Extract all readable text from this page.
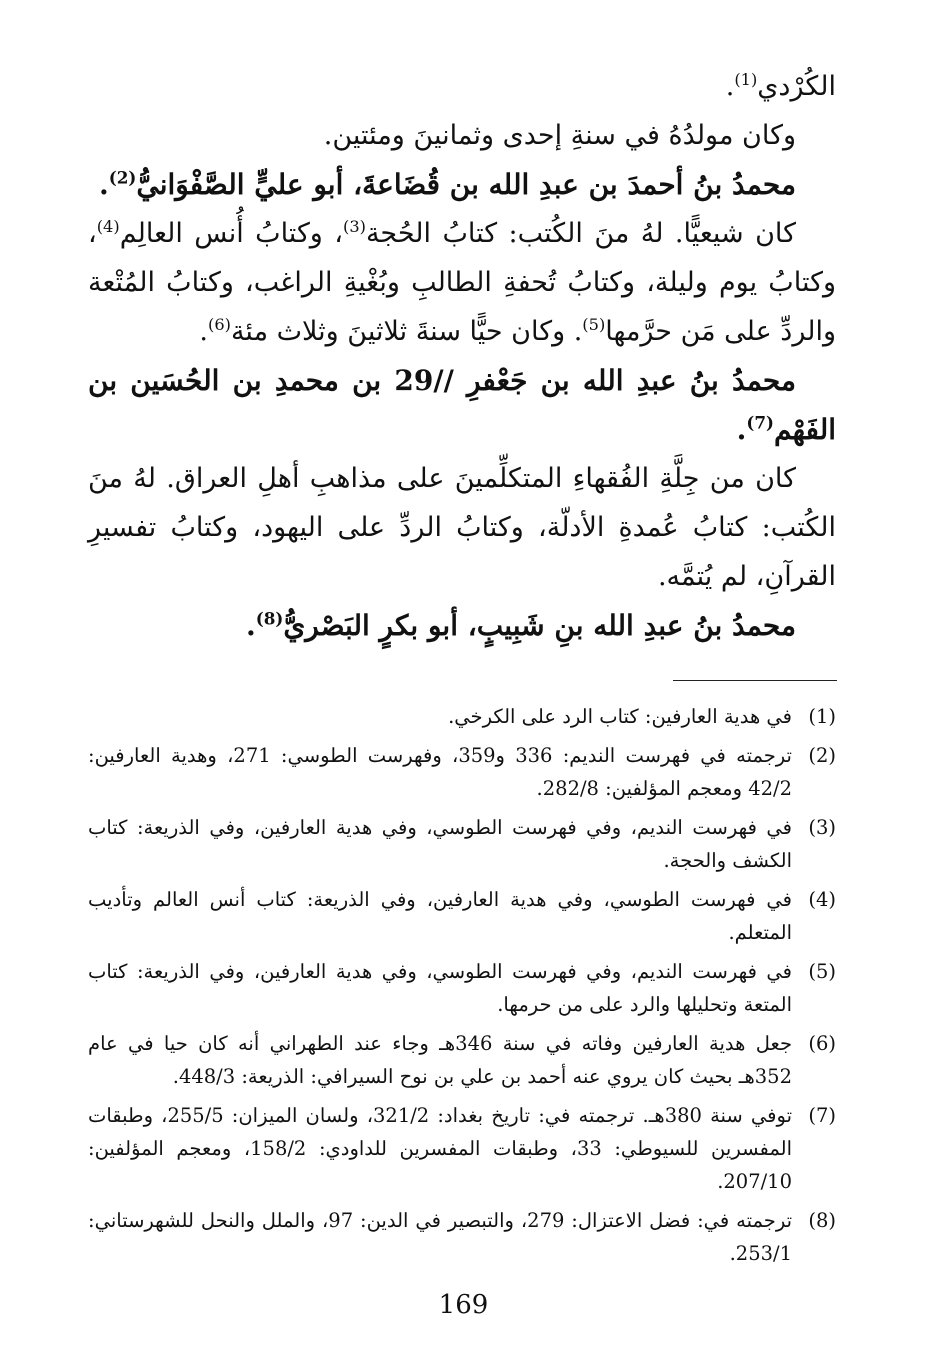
الكُرْدي$^{(1)}$.

وكان مولدُهُ في سنةِ إحدى وثمانينَ ومئتين.

محمدُ بنُ أحمدَ بن عبدِ الله بن قُضَاعةَ، أبو عليٍّ الصَّفْوَانيُّ$^{(2)}$.

كان شيعيًّا. لهُ منَ الكُتب: كتابُ الحُجة$^{(3)}$، وكتابُ أُنس العالِم$^{(4)}$، وكتابُ يوم وليلة، وكتابُ تُحفةِ الطالبِ وبُغْيةِ الراغب، وكتابُ المُتْعة والردِّ على مَن حرَّمها$^{(5)}$. وكان حيًّا سنةَ ثلاثينَ وثلاث مئة$^{(6)}$.

محمدُ بنُ عبدِ الله بن جَعْفرِ //29 بن محمدِ بن الحُسَين بن الفَهْم$^{(7)}$.

كان من جِلَّةِ الفُقهاءِ المتكلِّمينَ على مذاهبِ أهلِ العراق. لهُ منَ الكُتب: كتابُ عُمدةِ الأدلّة، وكتابُ الردِّ على اليهود، وكتابُ تفسيرِ القرآنِ، لم يُتمَّه.

محمدُ بنُ عبدِ الله بنِ شَبِيبٍ، أبو بكرٍ البَصْريُّ$^{(8)}$.

(1)
في هدية العارفين: كتاب الرد على الكرخي.
(2)
ترجمته في فهرست النديم: 336 و359، وفهرست الطوسي: 271، وهدية العارفين: 42/2 ومعجم المؤلفين: 282/8.
(3)
في فهرست النديم، وفي فهرست الطوسي، وفي هدية العارفين، وفي الذريعة: كتاب الكشف والحجة.
(4)
في فهرست الطوسي، وفي هدية العارفين، وفي الذريعة: كتاب أنس العالم وتأديب المتعلم.
(5)
في فهرست النديم، وفي فهرست الطوسي، وفي هدية العارفين، وفي الذريعة: كتاب المتعة وتحليلها والرد على من حرمها.
(6)
جعل هدية العارفين وفاته في سنة 346هـ وجاء عند الطهراني أنه كان حيا في عام 352هـ بحيث كان يروي عنه أحمد بن علي بن نوح السيرافي: الذريعة: 448/3.
(7)
توفي سنة 380هـ. ترجمته في: تاريخ بغداد: 321/2، ولسان الميزان: 255/5، وطبقات المفسرين للسيوطي: 33، وطبقات المفسرين للداودي: 158/2، ومعجم المؤلفين: 207/10.
(8)
ترجمته في: فضل الاعتزال: 279، والتبصير في الدين: 97، والملل والنحل للشهرستاني: 253/1.
169
